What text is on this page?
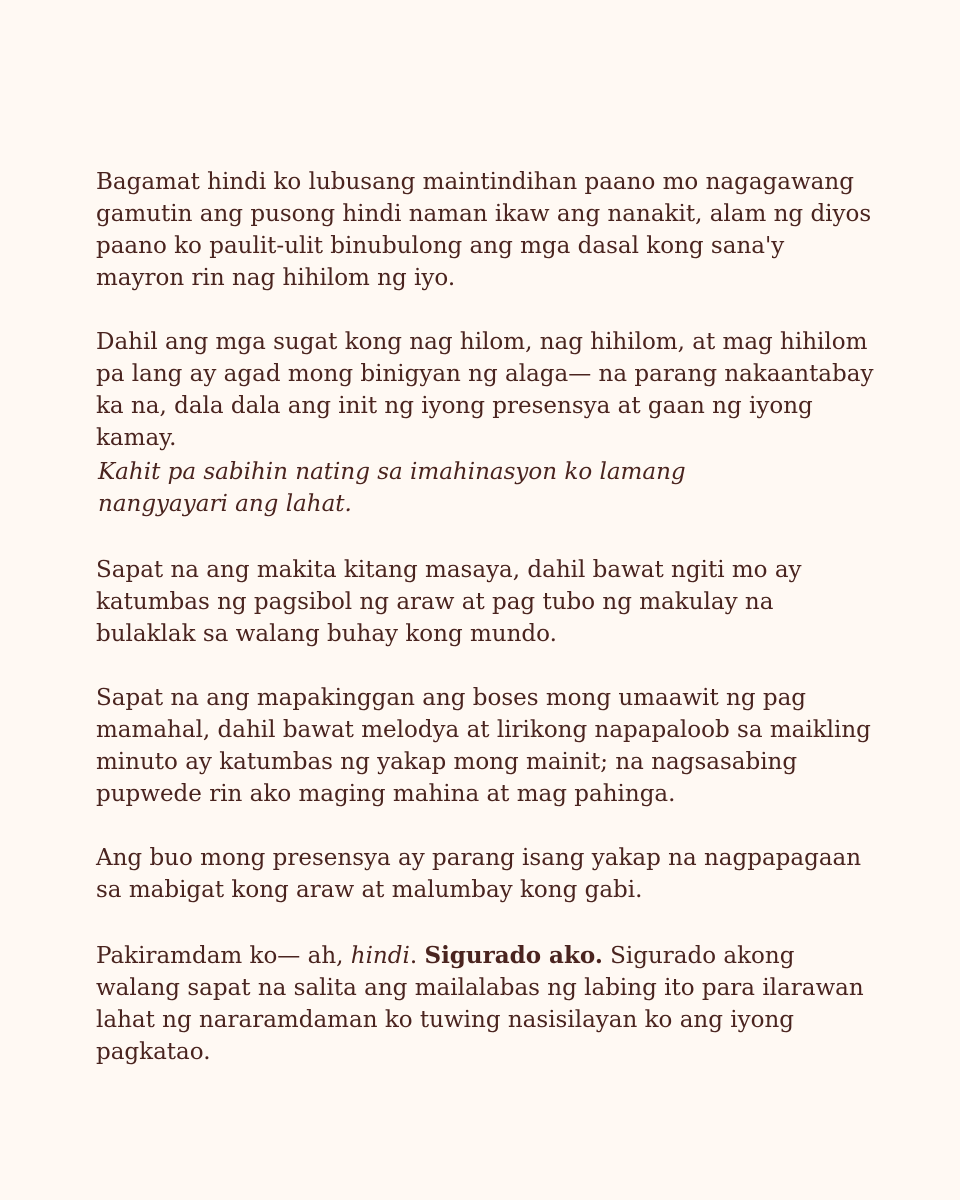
Bagamat hindi ko lubusang maintindihan paano mo nagagawang gamutin ang pusong hindi naman ikaw ang nanakit, alam ng diyos paano ko paulit-ulit binubulong ang mga dasal kong sana'y mayron rin nag hihilom ng iyo.

Dahil ang mga sugat kong nag hilom, nag hihilom, at mag hihilom pa lang ay agad mong binigyan ng alaga— na parang nakaantabay ka na, dala dala ang init ng iyong presensya at gaan ng iyong kamay.

Kahit pa sabihin nating sa imahinasyon ko lamang nangyayari ang lahat.

Sapat na ang makita kitang masaya, dahil bawat ngiti mo ay katumbas ng pagsibol ng araw at pag tubo ng makulay na bulaklak sa walang buhay kong mundo.

Sapat na ang mapakinggan ang boses mong umaawit ng pag mamahal, dahil bawat melodya at lirikong napapaloob sa maikling minuto ay katumbas ng yakap mong mainit; na nagsasabing pupwede rin ako maging mahina at mag pahinga.

Ang buo mong presensya ay parang isang yakap na nagpapagaan sa mabigat kong araw at malumbay kong gabi.

Pakiramdam ko— ah, hindi. Sigurado ako. Sigurado akong walang sapat na salita ang mailalabas ng labing ito para ilarawan lahat ng nararamdaman ko tuwing nasisilayan ko ang iyong pagkatao.
